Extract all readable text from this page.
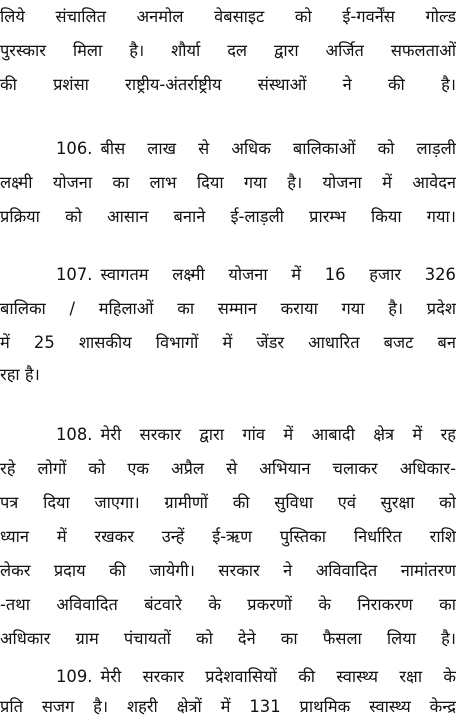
लिये संचालित अनमोल वेबसाइट को ई-गवर्नेंस गोल्ड
पुरस्कार मिला है। शौर्या दल द्वारा अर्जित सफलताओं
की प्रशंसा राष्ट्रीय-अंतर्राष्ट्रीय संस्थाओं ने की है।
106. बीस लाख से अधिक बालिकाओं को लाड़ली
लक्ष्मी योजना का लाभ दिया गया है। योजना में आवेदन
प्रक्रिया को आसान बनाने ई-लाड़ली प्रारम्भ किया गया।
107. स्वागतम लक्ष्मी योजना में 16 हजार 326
बालिका / महिलाओं का सम्मान कराया गया है। प्रदेश
में 25 शासकीय विभागों में जेंडर आधारित बजट बन
रहा है।
108. मेरी सरकार द्वारा गांव में आबादी क्षेत्र में रह
रहे लोगों को एक अप्रैल से अभियान चलाकर अधिकार-
पत्र दिया जाएगा। ग्रामीणों की सुविधा एवं सुरक्षा को
ध्यान में रखकर उन्हें ई-ऋण पुस्तिका निर्धारित राशि
लेकर प्रदाय की जायेगी। सरकार ने अविवादित नामांतरण
-तथा अविवादित बंटवारे के प्रकरणों के निराकरण का
अधिकार ग्राम पंचायतों को देने का फैसला लिया है।
109. मेरी सरकार प्रदेशवासियों की स्वास्थ्य रक्षा के
प्रति सजग है। शहरी क्षेत्रों में 131 प्राथमिक स्वास्थ्य केन्द्र
